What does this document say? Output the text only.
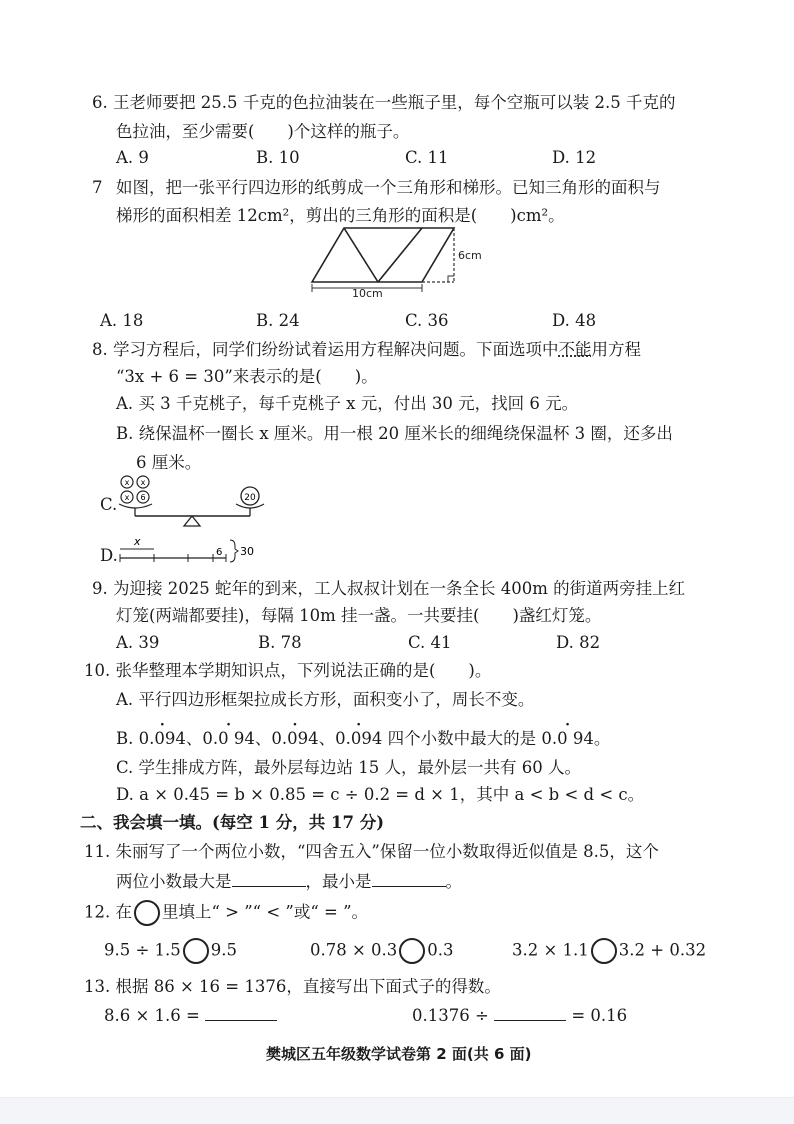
6. 王老师要把 25.5 千克的色拉油装在一些瓶子里，每个空瓶可以装 2.5 千克的
色拉油，至少需要(　　)个这样的瓶子。
A. 9	B. 10	C. 11	D. 12
7 如图，把一张平行四边形的纸剪成一个三角形和梯形。已知三角形的面积与
梯形的面积相差 12cm²，剪出的三角形的面积是(　　)cm²。
6cm
10cm
A. 18	B. 24	C. 36	D. 48
8. 学习方程后，同学们纷纷试着运用方程解决问题。下面选项中不能用方程
“3x + 6 = 30”来表示的是(　　)。
A. 买 3 千克桃子，每千克桃子 x 元，付出 30 元，找回 6 元。
B. 绕保温杯一圈长 x 厘米。用一根 20 厘米长的细绳绕保温杯 3 圈，还多出
6 厘米。
C.
x x
x 6	20
D.
x
6 30
9. 为迎接 2025 蛇年的到来，工人叔叔计划在一条全长 400m 的街道两旁挂上红
灯笼(两端都要挂)，每隔 10m 挂一盏。一共要挂(　　)盏红灯笼。
A. 39	B. 78	C. 41	D. 82
10. 张华整理本学期知识点，下列说法正确的是(　　)。
A. 平行四边形框架拉成长方形，面积变小了，周长不变。
B. · 0.094、· 0.0 94、· 0.094、· 0.094 四个小数中最大的是 · 0.0 94。
C. 学生排成方阵，最外层每边站 15 人，最外层一共有 60 人。
D. a × 0.45 = b × 0.85 = c ÷ 0.2 = d × 1，其中 a < b < d < c。
二、我会填一填。(每空 1 分，共 17 分)
11. 朱丽写了一个两位小数，“四舍五入”保留一位小数取得近似值是 8.5，这个
两位小数最大是	，最小是	。
12. 在 里填上“ > ”“ < ”或“ = ”。
9.5 ÷ 1.5 9.5	0.78 × 0.3 0.3	3.2 × 1.1 3.2 + 0.32
13. 根据 86 × 16 = 1376，直接写出下面式子的得数。
8.6 × 1.6 =	0.1376 ÷	= 0.16
樊城区五年级数学试卷第 2 面(共 6 面)
